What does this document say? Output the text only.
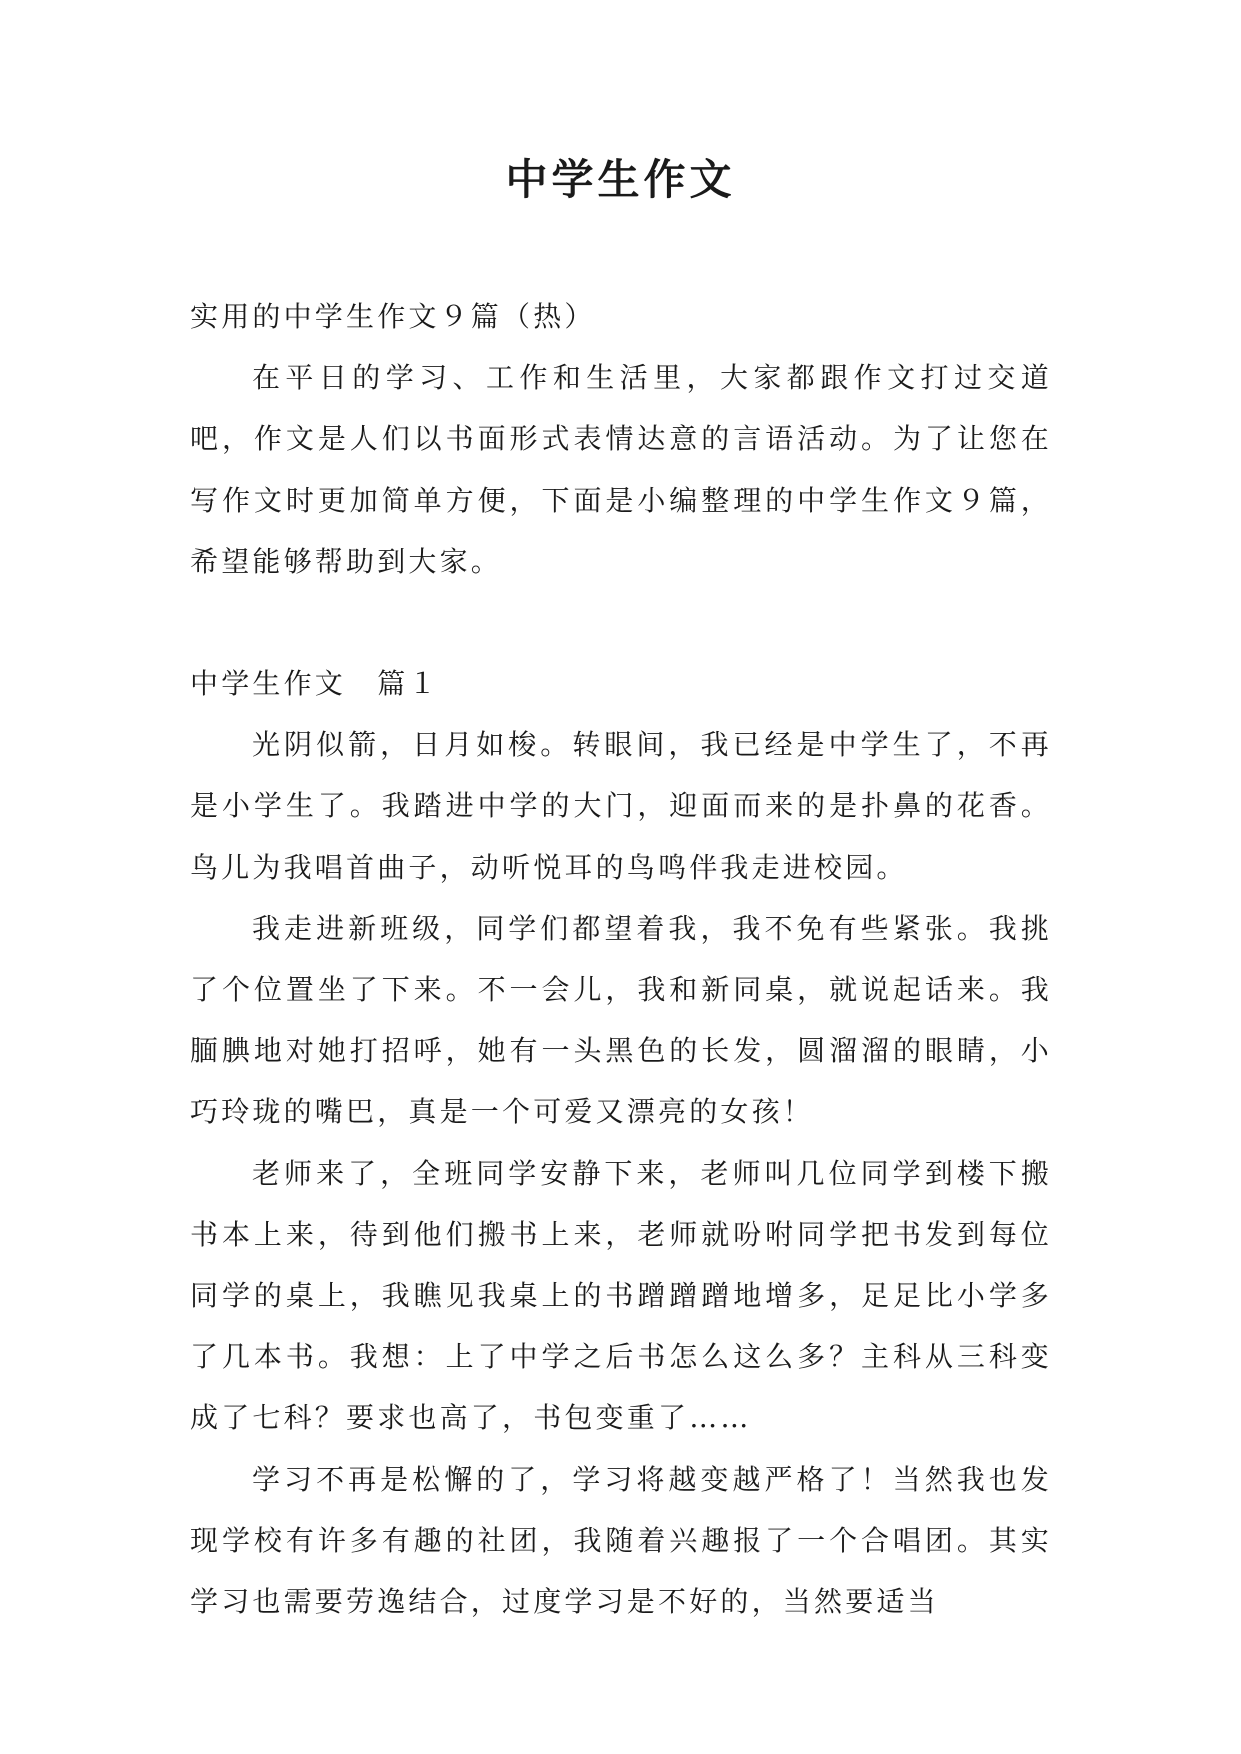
中学生作文

实用的中学生作文９篇（热）

在平日的学习、工作和生活里，大家都跟作文打过交道吧，作文是人们以书面形式表情达意的言语活动。为了让您在写作文时更加简单方便，下面是小编整理的中学生作文９篇，希望能够帮助到大家。

中学生作文　篇１

光阴似箭，日月如梭。转眼间，我已经是中学生了，不再是小学生了。我踏进中学的大门，迎面而来的是扑鼻的花香。鸟儿为我唱首曲子，动听悦耳的鸟鸣伴我走进校园。

我走进新班级，同学们都望着我，我不免有些紧张。我挑了个位置坐了下来。不一会儿，我和新同桌，就说起话来。我腼腆地对她打招呼，她有一头黑色的长发，圆溜溜的眼睛，小巧玲珑的嘴巴，真是一个可爱又漂亮的女孩！

老师来了，全班同学安静下来，老师叫几位同学到楼下搬书本上来，待到他们搬书上来，老师就吩咐同学把书发到每位同学的桌上，我瞧见我桌上的书蹭蹭蹭地增多，足足比小学多了几本书。我想：上了中学之后书怎么这么多？主科从三科变成了七科？要求也高了，书包变重了……

学习不再是松懈的了，学习将越变越严格了！当然我也发现学校有许多有趣的社团，我随着兴趣报了一个合唱团。其实学习也需要劳逸结合，过度学习是不好的，当然要适当
